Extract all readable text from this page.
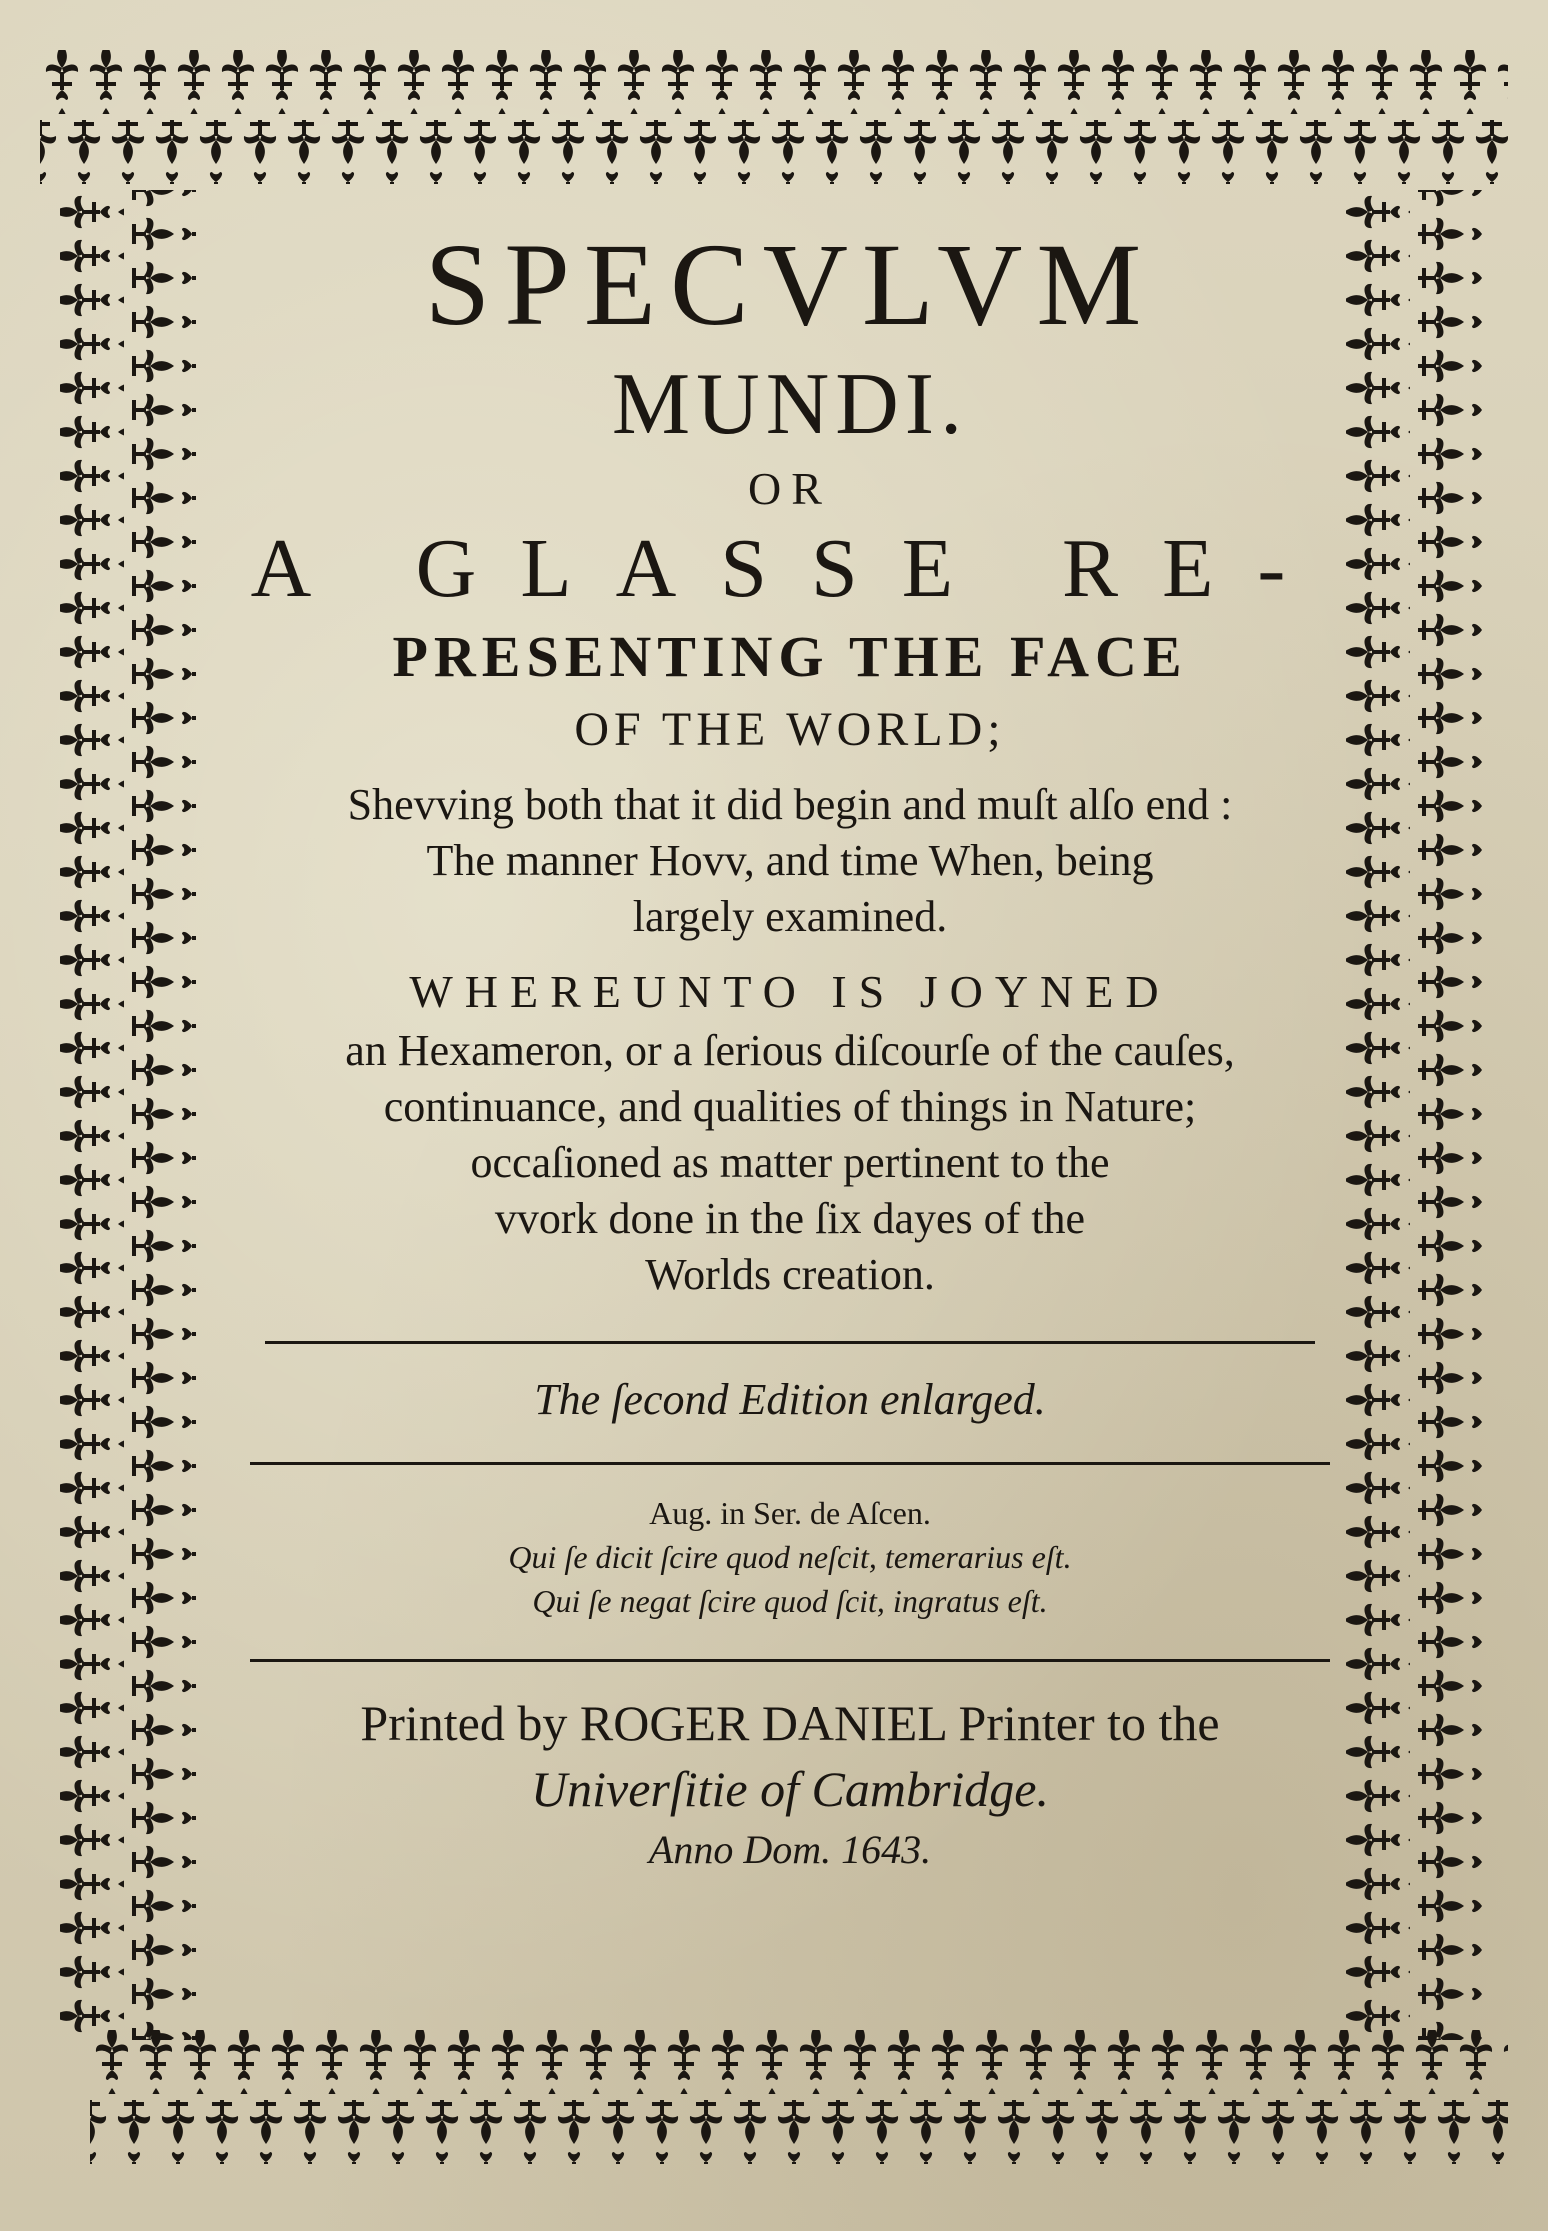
SPECVLVM
MUNDI.
OR
A GLASSE RE-
PRESENTING THE FACE
OF THE WORLD;
Shevving both that it did begin and muſt alſo end :
The manner Hovv, and time When, being
largely examined.
WHEREUNTO IS JOYNED
an Hexameron, or a ſerious diſcourſe of the cauſes,
continuance, and qualities of things in Nature;
occaſioned as matter pertinent to the
vvork done in the ſix dayes of the
Worlds creation.
The ſecond Edition enlarged.
Aug. in Ser. de Aſcen.
Qui ſe dicit ſcire quod neſcit, temerarius eſt.
Qui ſe negat ſcire quod ſcit, ingratus eſt.
Printed by ROGER DANIEL Printer to the
Univerſitie of Cambridge.
Anno Dom. 1643.
